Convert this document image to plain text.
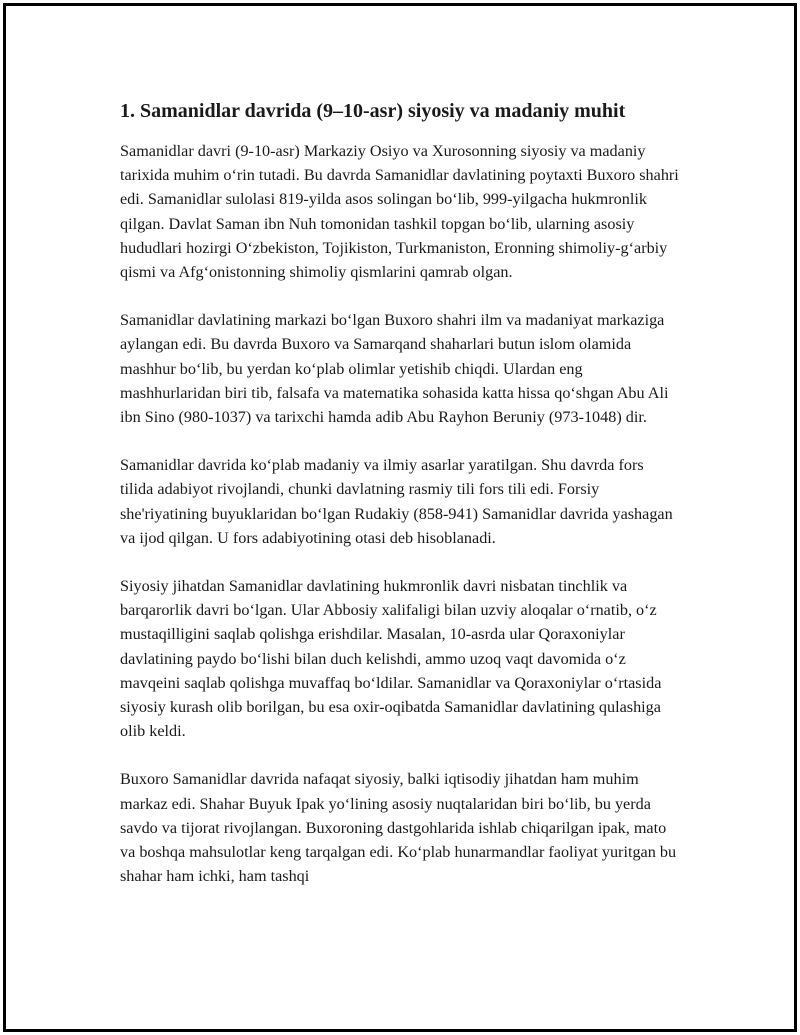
1. Samanidlar davrida (9–10-asr) siyosiy va madaniy muhit

Samanidlar davri (9-10-asr) Markaziy Osiyo va Xurosonning siyosiy va madaniy tarixida muhim o‘rin tutadi. Bu davrda Samanidlar davlatining poytaxti Buxoro shahri edi. Samanidlar sulolasi 819-yilda asos solingan bo‘lib, 999-yilgacha hukmronlik qilgan. Davlat Saman ibn Nuh tomonidan tashkil topgan bo‘lib, ularning asosiy hududlari hozirgi O‘zbekiston, Tojikiston, Turkmaniston, Eronning shimoliy-g‘arbiy qismi va Afg‘onistonning shimoliy qismlarini qamrab olgan.

Samanidlar davlatining markazi bo‘lgan Buxoro shahri ilm va madaniyat markaziga aylangan edi. Bu davrda Buxoro va Samarqand shaharlari butun islom olamida mashhur bo‘lib, bu yerdan ko‘plab olimlar yetishib chiqdi. Ulardan eng mashhurlaridan biri tib, falsafa va matematika sohasida katta hissa qo‘shgan Abu Ali ibn Sino (980-1037) va tarixchi hamda adib Abu Rayhon Beruniy (973-1048) dir.

Samanidlar davrida ko‘plab madaniy va ilmiy asarlar yaratilgan. Shu davrda fors tilida adabiyot rivojlandi, chunki davlatning rasmiy tili fors tili edi. Forsiy she'riyatining buyuklaridan bo‘lgan Rudakiy (858-941) Samanidlar davrida yashagan va ijod qilgan. U fors adabiyotining otasi deb hisoblanadi.

Siyosiy jihatdan Samanidlar davlatining hukmronlik davri nisbatan tinchlik va barqarorlik davri bo‘lgan. Ular Abbosiy xalifaligi bilan uzviy aloqalar o‘rnatib, o‘z mustaqilligini saqlab qolishga erishdilar. Masalan, 10-asrda ular Qoraxoniylar davlatining paydo bo‘lishi bilan duch kelishdi, ammo uzoq vaqt davomida o‘z mavqeini saqlab qolishga muvaffaq bo‘ldilar. Samanidlar va Qoraxoniylar o‘rtasida siyosiy kurash olib borilgan, bu esa oxir-oqibatda Samanidlar davlatining qulashiga olib keldi.

Buxoro Samanidlar davrida nafaqat siyosiy, balki iqtisodiy jihatdan ham muhim markaz edi. Shahar Buyuk Ipak yo‘lining asosiy nuqtalaridan biri bo‘lib, bu yerda savdo va tijorat rivojlangan. Buxoroning dastgohlarida ishlab chiqarilgan ipak, mato va boshqa mahsulotlar keng tarqalgan edi. Ko‘plab hunarmandlar faoliyat yuritgan bu shahar ham ichki, ham tashqi
